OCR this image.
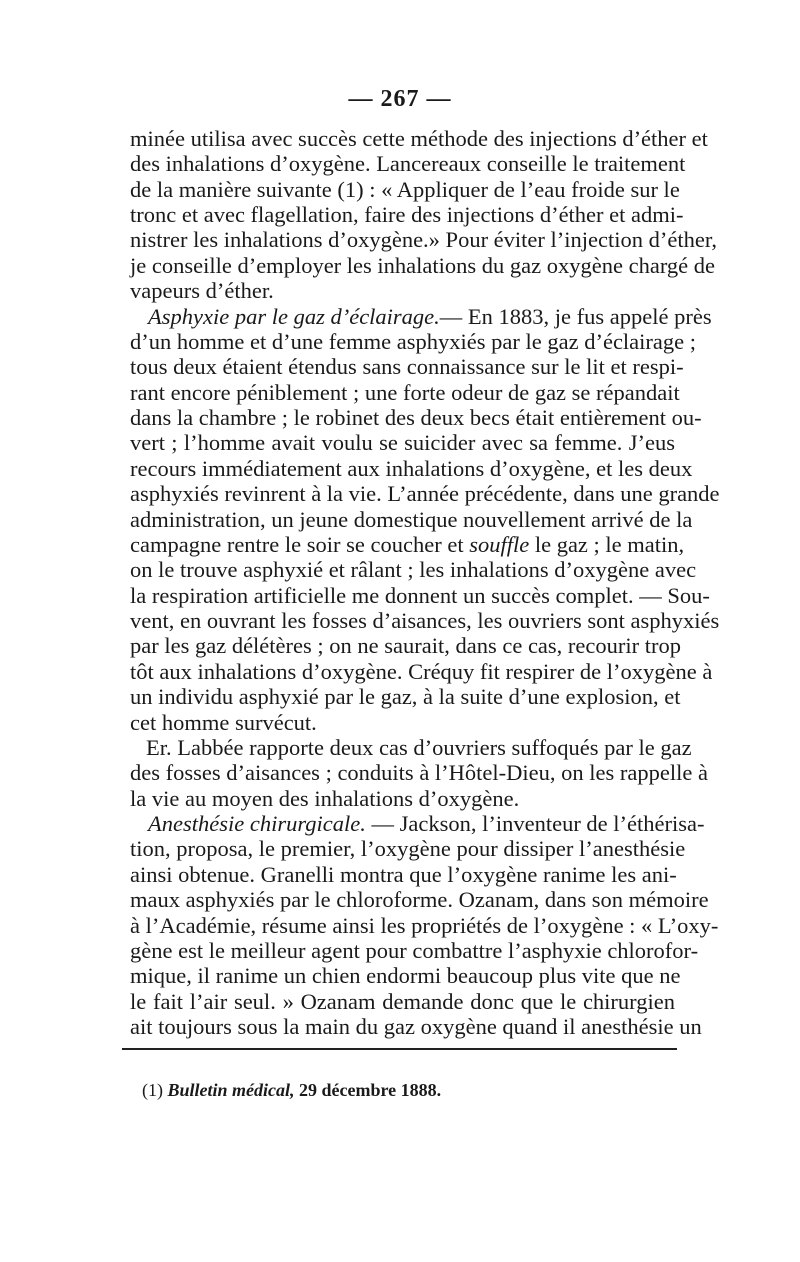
— 267 —
minée utilisa avec succès cette méthode des injections d’éther et
des inhalations d’oxygène. Lancereaux conseille le traitement
de la manière suivante (1) : « Appliquer de l’eau froide sur le
tronc et avec flagellation, faire des injections d’éther et admi-
nistrer les inhalations d’oxygène.» Pour éviter l’injection d’éther,
je conseille d’employer les inhalations du gaz oxygène chargé de
vapeurs d’éther.
Asphyxie par le gaz d’éclairage.— En 1883, je fus appelé près
d’un homme et d’une femme asphyxiés par le gaz d’éclairage ;
tous deux étaient étendus sans connaissance sur le lit et respi-
rant encore péniblement ; une forte odeur de gaz se répandait
dans la chambre ; le robinet des deux becs était entièrement ou-
vert ; l’homme avait voulu se suicider avec sa femme. J’eus
recours immédiatement aux inhalations d’oxygène, et les deux
asphyxiés revinrent à la vie. L’année précédente, dans une grande
administration, un jeune domestique nouvellement arrivé de la
campagne rentre le soir se coucher et souffle le gaz ; le matin,
on le trouve asphyxié et râlant ; les inhalations d’oxygène avec
la respiration artificielle me donnent un succès complet. — Sou-
vent, en ouvrant les fosses d’aisances, les ouvriers sont asphyxiés
par les gaz délétères ; on ne saurait, dans ce cas, recourir trop
tôt aux inhalations d’oxygène. Créquy fit respirer de l’oxygène à
un individu asphyxié par le gaz, à la suite d’une explosion, et
cet homme survécut.
Er. Labbée rapporte deux cas d’ouvriers suffoqués par le gaz
des fosses d’aisances ; conduits à l’Hôtel-Dieu, on les rappelle à
la vie au moyen des inhalations d’oxygène.
Anesthésie chirurgicale. — Jackson, l’inventeur de l’éthérisa-
tion, proposa, le premier, l’oxygène pour dissiper l’anesthésie
ainsi obtenue. Granelli montra que l’oxygène ranime les ani-
maux asphyxiés par le chloroforme. Ozanam, dans son mémoire
à l’Académie, résume ainsi les propriétés de l’oxygène : « L’oxy-
gène est le meilleur agent pour combattre l’asphyxie chlorofor-
mique, il ranime un chien endormi beaucoup plus vite que ne
le fait l’air seul. » Ozanam demande donc que le chirurgien
ait toujours sous la main du gaz oxygène quand il anesthésie un
(1) Bulletin médical, 29 décembre 1888.
